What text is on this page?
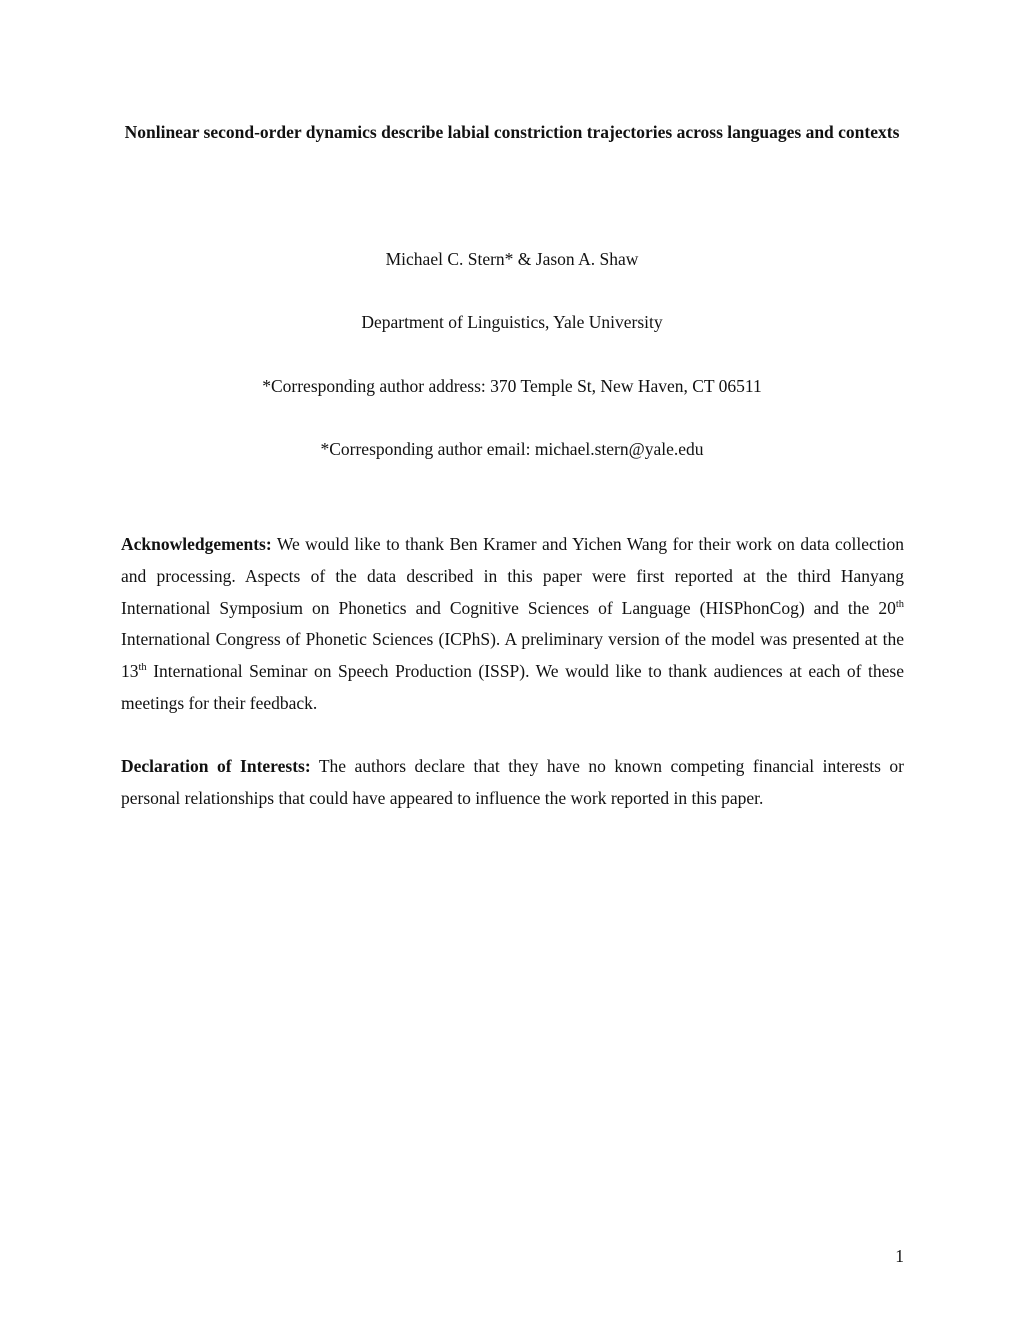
Nonlinear second-order dynamics describe labial constriction trajectories across languages and contexts
Michael C. Stern* & Jason A. Shaw
Department of Linguistics, Yale University
*Corresponding author address: 370 Temple St, New Haven, CT 06511
*Corresponding author email: michael.stern@yale.edu

Acknowledgements: We would like to thank Ben Kramer and Yichen Wang for their work on data collection and processing. Aspects of the data described in this paper were first reported at the third Hanyang International Symposium on Phonetics and Cognitive Sciences of Language (HISPhonCog) and the 20th International Congress of Phonetic Sciences (ICPhS). A preliminary version of the model was presented at the 13th International Seminar on Speech Production (ISSP). We would like to thank audiences at each of these meetings for their feedback.

Declaration of Interests: The authors declare that they have no known competing financial interests or personal relationships that could have appeared to influence the work reported in this paper.

1
